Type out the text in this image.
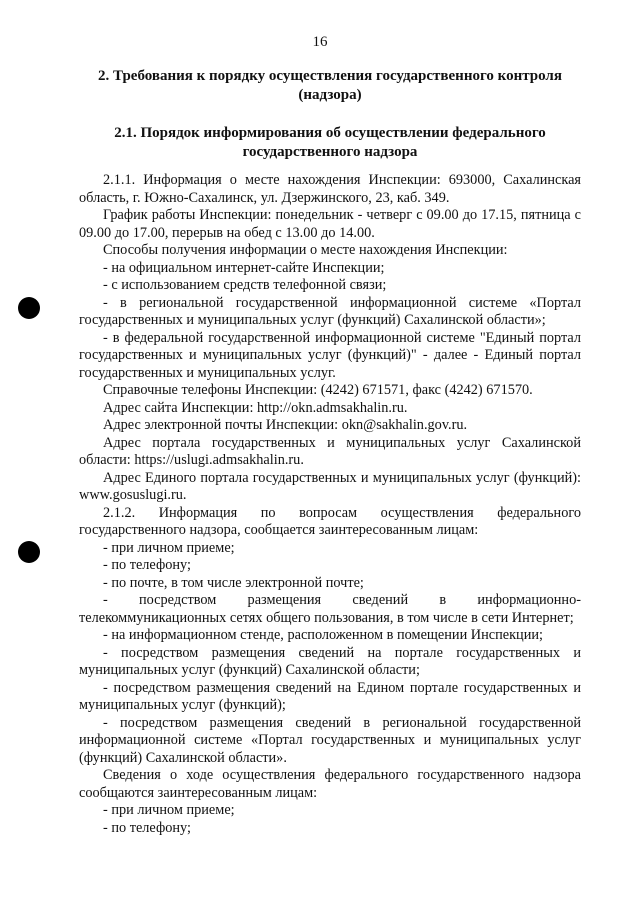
16
2. Требования к порядку осуществления государственного контроля (надзора)
2.1. Порядок информирования об осуществлении федерального государственного надзора

2.1.1. Информация о месте нахождения Инспекции: 693000, Сахалинская область, г. Южно-Сахалинск, ул. Дзержинского, 23, каб. 349.

График работы Инспекции: понедельник - четверг с 09.00 до 17.15, пятница с 09.00 до 17.00, перерыв на обед с 13.00 до 14.00.

Способы получения информации о месте нахождения Инспекции:

- на официальном интернет-сайте Инспекции;

- с использованием средств телефонной связи;

- в региональной государственной информационной системе «Портал государственных и муниципальных услуг (функций) Сахалинской области»;

- в федеральной государственной информационной системе "Единый портал государственных и муниципальных услуг (функций)" - далее - Единый портал государственных и муниципальных услуг.

Справочные телефоны Инспекции: (4242) 671571, факс (4242) 671570.

Адрес сайта Инспекции: http://okn.admsakhalin.ru.

Адрес электронной почты Инспекции: okn@sakhalin.gov.ru.

Адрес портала государственных и муниципальных услуг Сахалинской области: https://uslugi.admsakhalin.ru.

Адрес Единого портала государственных и муниципальных услуг (функций): www.gosuslugi.ru.

2.1.2. Информация по вопросам осуществления федерального государственного надзора, сообщается заинтересованным лицам:

- при личном приеме;

- по телефону;

- по почте, в том числе электронной почте;

- посредством размещения сведений в информационно-телекоммуникационных сетях общего пользования, в том числе в сети Интернет;

- на информационном стенде, расположенном в помещении Инспекции;

- посредством размещения сведений на портале государственных и муниципальных услуг (функций) Сахалинской области;

- посредством размещения сведений на Едином портале государственных и муниципальных услуг (функций);

- посредством размещения сведений в региональной государственной информационной системе «Портал государственных и муниципальных услуг (функций) Сахалинской области».

Сведения о ходе осуществления федерального государственного надзора сообщаются заинтересованным лицам:

- при личном приеме;

- по телефону;
